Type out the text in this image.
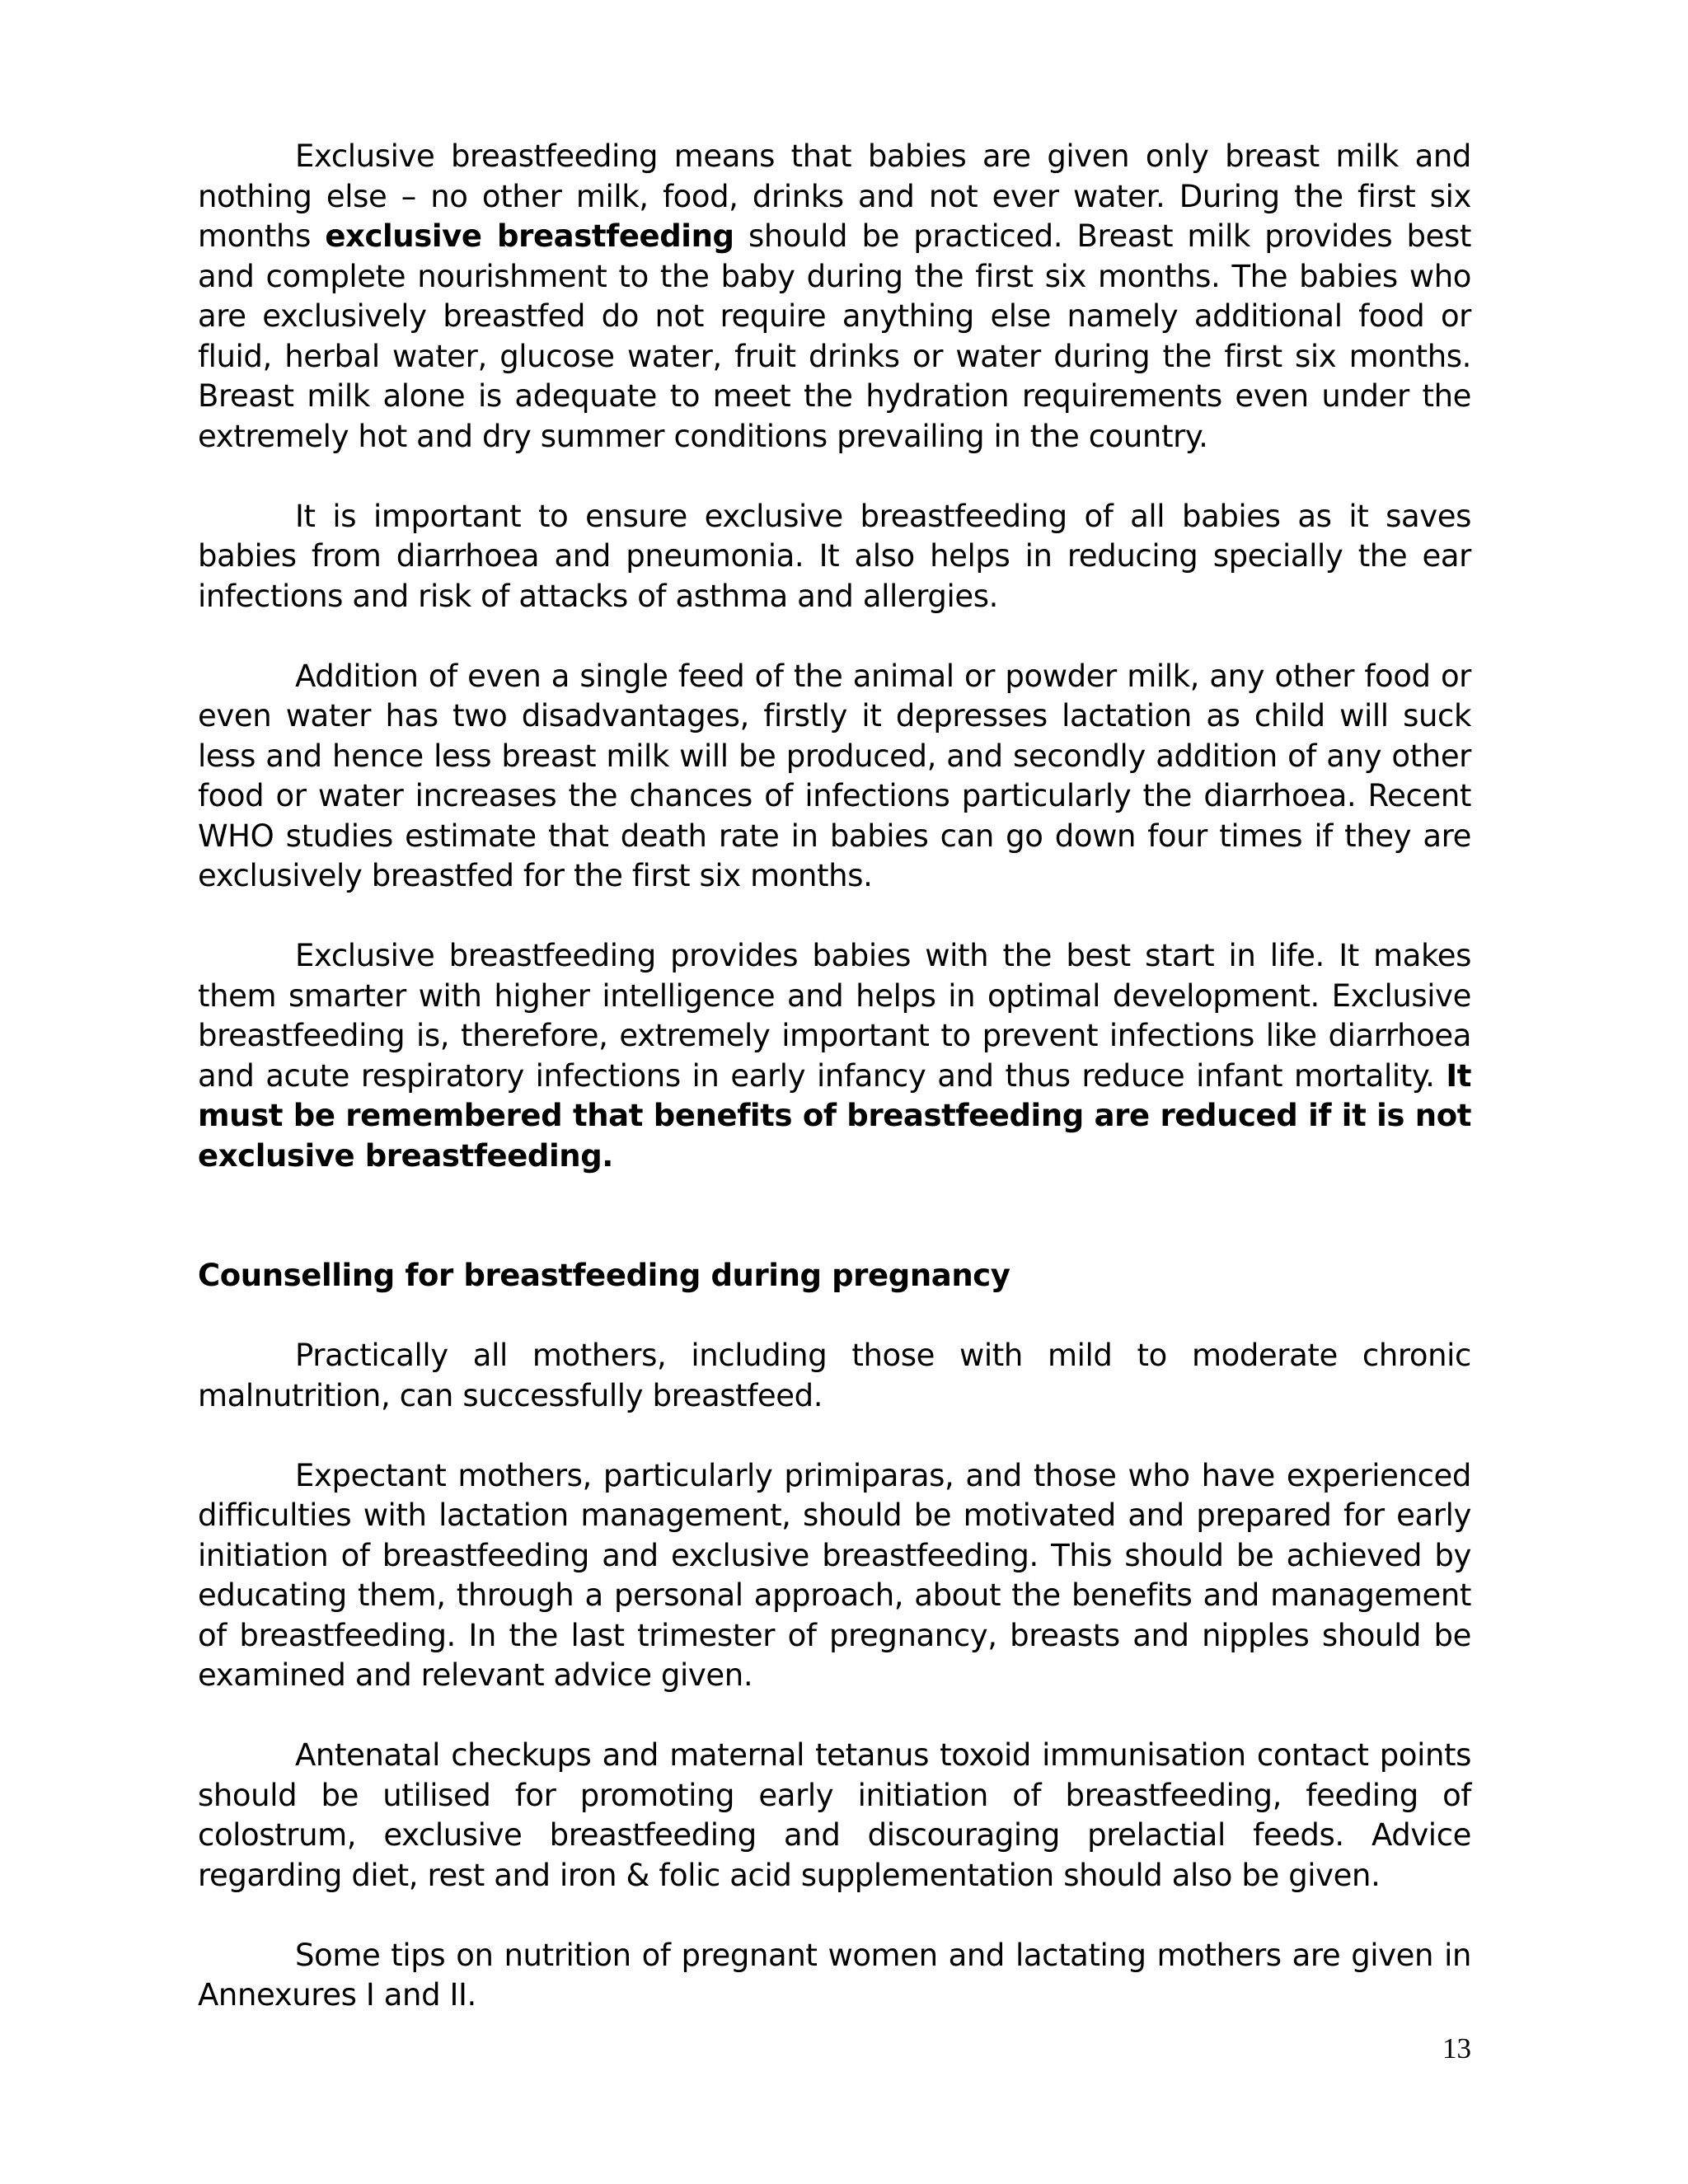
Exclusive breastfeeding means that babies are given only breast milk and nothing else – no other milk, food, drinks and not ever water. During the first six months exclusive breastfeeding should be practiced. Breast milk provides best and complete nourishment to the baby during the first six months. The babies who are exclusively breastfed do not require anything else namely additional food or fluid, herbal water, glucose water, fruit drinks or water during the first six months. Breast milk alone is adequate to meet the hydration requirements even under the extremely hot and dry summer conditions prevailing in the country.

It is important to ensure exclusive breastfeeding of all babies as it saves babies from diarrhoea and pneumonia. It also helps in reducing specially the ear infections and risk of attacks of asthma and allergies.

Addition of even a single feed of the animal or powder milk, any other food or even water has two disadvantages, firstly it depresses lactation as child will suck less and hence less breast milk will be produced, and secondly addition of any other food or water increases the chances of infections particularly the diarrhoea. Recent WHO studies estimate that death rate in babies can go down four times if they are exclusively breastfed for the first six months.

Exclusive breastfeeding provides babies with the best start in life. It makes them smarter with higher intelligence and helps in optimal development. Exclusive breastfeeding is, therefore, extremely important to prevent infections like diarrhoea and acute respiratory infections in early infancy and thus reduce infant mortality. It must be remembered that benefits of breastfeeding are reduced if it is not exclusive breastfeeding.

Counselling for breastfeeding during pregnancy

Practically all mothers, including those with mild to moderate chronic malnutrition, can successfully breastfeed.

Expectant mothers, particularly primiparas, and those who have experienced difficulties with lactation management, should be motivated and prepared for early initiation of breastfeeding and exclusive breastfeeding. This should be achieved by educating them, through a personal approach, about the benefits and management of breastfeeding. In the last trimester of pregnancy, breasts and nipples should be examined and relevant advice given.

Antenatal checkups and maternal tetanus toxoid immunisation contact points should be utilised for promoting early initiation of breastfeeding, feeding of colostrum, exclusive breastfeeding and discouraging prelactial feeds. Advice regarding diet, rest and iron & folic acid supplementation should also be given.

Some tips on nutrition of pregnant women and lactating mothers are given in Annexures I and II.

13
